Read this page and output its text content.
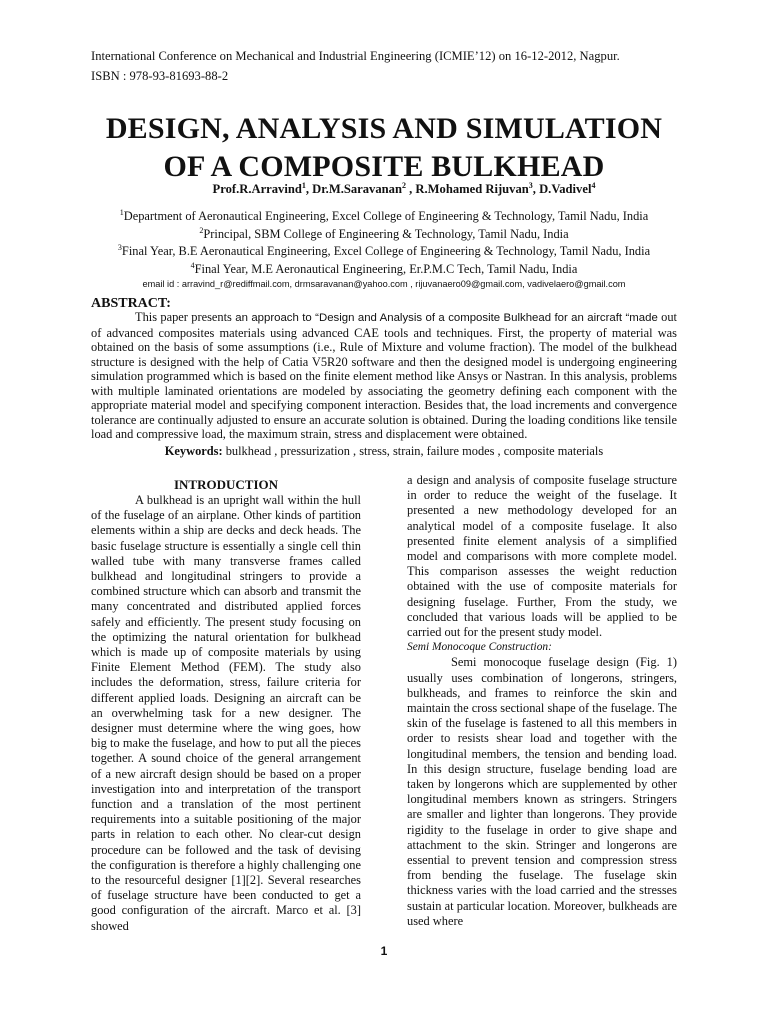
International Conference on Mechanical and Industrial Engineering (ICMIE’12) on 16-12-2012, Nagpur.
ISBN : 978-93-81693-88-2
DESIGN, ANALYSIS AND SIMULATION
OF A COMPOSITE BULKHEAD
Prof.R.Arravind$^1$, Dr.M.Saravanan$^2$ , R.Mohamed Rijuvan$^3$, D.Vadivel$^4$
$^1$Department of Aeronautical Engineering, Excel College of Engineering & Technology, Tamil Nadu, India
$^2$Principal, SBM College of Engineering & Technology, Tamil Nadu, India
$^3$Final Year, B.E Aeronautical Engineering, Excel College of Engineering & Technology, Tamil Nadu, India
$^4$Final Year, M.E Aeronautical Engineering, Er.P.M.C Tech, Tamil Nadu, India
email id : arravind_r@rediffmail.com, drmsaravanan@yahoo.com , rijuvanaero09@gmail.com, vadivelaero@gmail.com
ABSTRACT:

This paper presents an approach to “Design and Analysis of a composite Bulkhead for an aircraft “made out of advanced composites materials using advanced CAE tools and techniques. First, the property of material was obtained on the basis of some assumptions (i.e., Rule of Mixture and volume fraction). The model of the bulkhead structure is designed with the help of Catia V5R20 software and then the designed model is undergoing engineering simulation programmed which is based on the finite element method like Ansys or Nastran. In this analysis, problems with multiple laminated orientations are modeled by associating the geometry defining each component with the appropriate material model and specifying component interaction. Besides that, the load increments and convergence tolerance are continually adjusted to ensure an accurate solution is obtained. During the loading conditions like tensile load and compressive load, the maximum strain, stress and displacement were obtained.

Keywords: bulkhead , pressurization , stress, strain, failure modes , composite materials
INTRODUCTION

A bulkhead is an upright wall within the hull of the fuselage of an airplane. Other kinds of partition elements within a ship are decks and deck heads. The basic fuselage structure is essentially a single cell thin walled tube with many transverse frames called bulkhead and longitudinal stringers to provide a combined structure which can absorb and transmit the many concentrated and distributed applied forces safely and efficiently. The present study focusing on the optimizing the natural orientation for bulkhead which is made up of composite materials by using Finite Element Method (FEM). The study also includes the deformation, stress, failure criteria for different applied loads. Designing an aircraft can be an overwhelming task for a new designer. The designer must determine where the wing goes, how big to make the fuselage, and how to put all the pieces together. A sound choice of the general arrangement of a new aircraft design should be based on a proper investigation into and interpretation of the transport function and a translation of the most pertinent requirements into a suitable positioning of the major parts in relation to each other. No clear-cut design procedure can be followed and the task of devising the configuration is therefore a highly challenging one to the resourceful designer [1][2]. Several researches of fuselage structure have been conducted to get a good configuration of the aircraft. Marco et al. [3] showed

a design and analysis of composite fuselage structure in order to reduce the weight of the fuselage. It presented a new methodology developed for an analytical model of a composite fuselage. It also presented finite element analysis of a simplified model and comparisons with more complete model. This comparison assesses the weight reduction obtained with the use of composite materials for designing fuselage. Further, From the study, we concluded that various loads will be applied to be carried out for the present study model.

Semi Monocoque Construction:

Semi monocoque fuselage design (Fig. 1) usually uses combination of longerons, stringers, bulkheads, and frames to reinforce the skin and maintain the cross sectional shape of the fuselage. The skin of the fuselage is fastened to all this members in order to resists shear load and together with the longitudinal members, the tension and bending load. In this design structure, fuselage bending load are taken by longerons which are supplemented by other longitudinal members known as stringers. Stringers are smaller and lighter than longerons. They provide rigidity to the fuselage in order to give shape and attachment to the skin. Stringer and longerons are essential to prevent tension and compression stress from bending the fuselage. The fuselage skin thickness varies with the load carried and the stresses sustain at particular location. Moreover, bulkheads are used where

1
